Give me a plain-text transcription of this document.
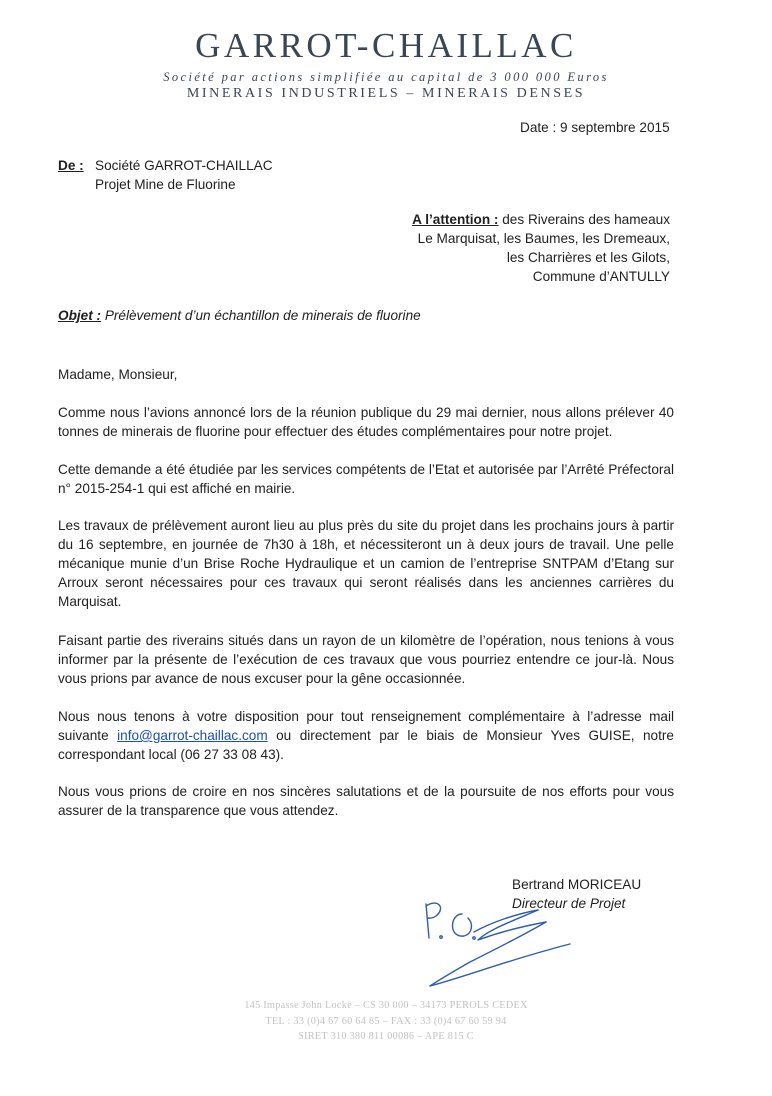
GARROT-CHAILLAC
Société par actions simplifiée au capital de 3 000 000 Euros
MINERAIS INDUSTRIELS – MINERAIS DENSES
Date : 9 septembre 2015
De : Société GARROT-CHAILLAC
Projet Mine de Fluorine
A l’attention : des Riverains des hameaux
Le Marquisat, les Baumes, les Dremeaux,
les Charrières et les Gilots,
Commune d’ANTULLY
Objet : Prélèvement d’un échantillon de minerais de fluorine
Madame, Monsieur,

Comme nous l’avions annoncé lors de la réunion publique du 29 mai dernier, nous allons prélever 40 tonnes de minerais de fluorine pour effectuer des études complémentaires pour notre projet.

Cette demande a été étudiée par les services compétents de l’Etat et autorisée par l’Arrêté Préfectoral n° 2015-254-1 qui est affiché en mairie.

Les travaux de prélèvement auront lieu au plus près du site du projet dans les prochains jours à partir du 16 septembre, en journée de 7h30 à 18h, et nécessiteront un à deux jours de travail. Une pelle mécanique munie d’un Brise Roche Hydraulique et un camion de l’entreprise SNTPAM d’Etang sur Arroux seront nécessaires pour ces travaux qui seront réalisés dans les anciennes carrières du Marquisat.

Faisant partie des riverains situés dans un rayon de un kilomètre de l’opération, nous tenions à vous informer par la présente de l’exécution de ces travaux que vous pourriez entendre ce jour-là. Nous vous prions par avance de nous excuser pour la gêne occasionnée.

Nous nous tenons à votre disposition pour tout renseignement complémentaire à l’adresse mail suivante info@garrot-chaillac.com ou directement par le biais de Monsieur Yves GUISE, notre correspondant local (06 27 33 08 43).

Nous vous prions de croire en nos sincères salutations et de la poursuite de nos efforts pour vous assurer de la transparence que vous attendez.

Bertrand MORICEAU
Directeur de Projet
145 Impasse John Locke – CS 30 000 – 34173 PEROLS CEDEX
TEL : 33 (0)4 67 60 64 85 – FAX : 33 (0)4 67 60 59 94
SIRET 310 380 811 00086 – APE 815 C
